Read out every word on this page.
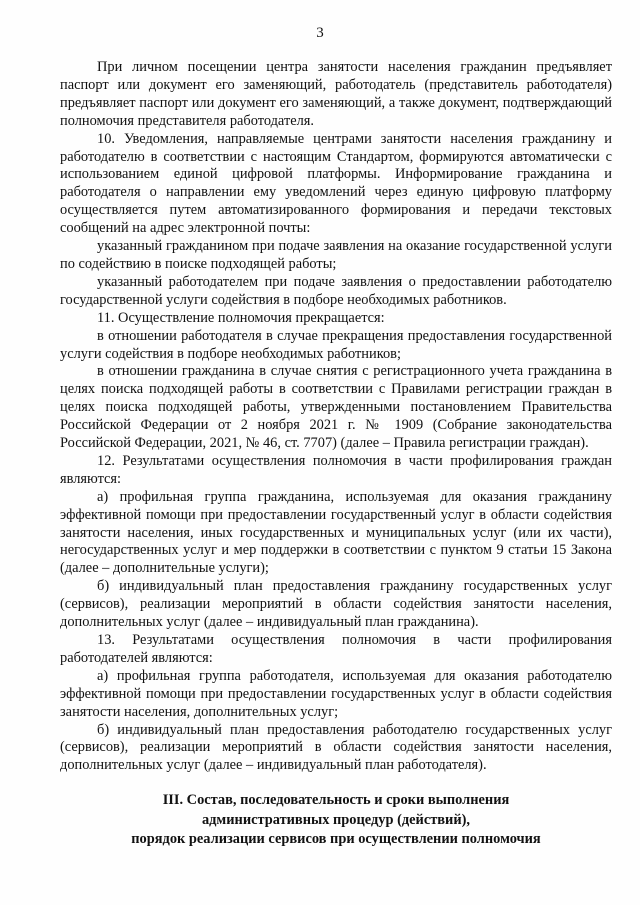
3

При личном посещении центра занятости населения гражданин предъявляет паспорт или документ его заменяющий, работодатель (представитель работодателя) предъявляет паспорт или документ его заменяющий, а также документ, подтверждающий полномочия представителя работодателя.

10. Уведомления, направляемые центрами занятости населения гражданину и работодателю в соответствии с настоящим Стандартом, формируются автоматически с использованием единой цифровой платформы. Информирование гражданина и работодателя о направлении ему уведомлений через единую цифровую платформу осуществляется путем автоматизированного формирования и передачи текстовых сообщений на адрес электронной почты:

указанный гражданином при подаче заявления на оказание государственной услуги по содействию в поиске подходящей работы;

указанный работодателем при подаче заявления о предоставлении работодателю государственной услуги содействия в подборе необходимых работников.

11. Осуществление полномочия прекращается:

в отношении работодателя в случае прекращения предоставления государственной услуги содействия в подборе необходимых работников;

в отношении гражданина в случае снятия с регистрационного учета гражданина в целях поиска подходящей работы в соответствии с Правилами регистрации граждан в целях поиска подходящей работы, утвержденными постановлением Правительства Российской Федерации от 2 ноября 2021 г. № 1909 (Собрание законодательства Российской Федерации, 2021, № 46, ст. 7707) (далее – Правила регистрации граждан).

12. Результатами осуществления полномочия в части профилирования граждан являются:

а) профильная группа гражданина, используемая для оказания гражданину эффективной помощи при предоставлении государственный услуг в области содействия занятости населения, иных государственных и муниципальных услуг (или их части), негосударственных услуг и мер поддержки в соответствии с пунктом 9 статьи 15 Закона (далее – дополнительные услуги);

б) индивидуальный план предоставления гражданину государственных услуг (сервисов), реализации мероприятий в области содействия занятости населения, дополнительных услуг (далее – индивидуальный план гражданина).

13. Результатами осуществления полномочия в части профилирования работодателей являются:

а) профильная группа работодателя, используемая для оказания работодателю эффективной помощи при предоставлении государственных услуг в области содействия занятости населения, дополнительных услуг;

б) индивидуальный план предоставления работодателю государственных услуг (сервисов), реализации мероприятий в области содействия занятости населения, дополнительных услуг (далее – индивидуальный план работодателя).

III. Состав, последовательность и сроки выполнения
административных процедур (действий),
порядок реализации сервисов при осуществлении полномочия
